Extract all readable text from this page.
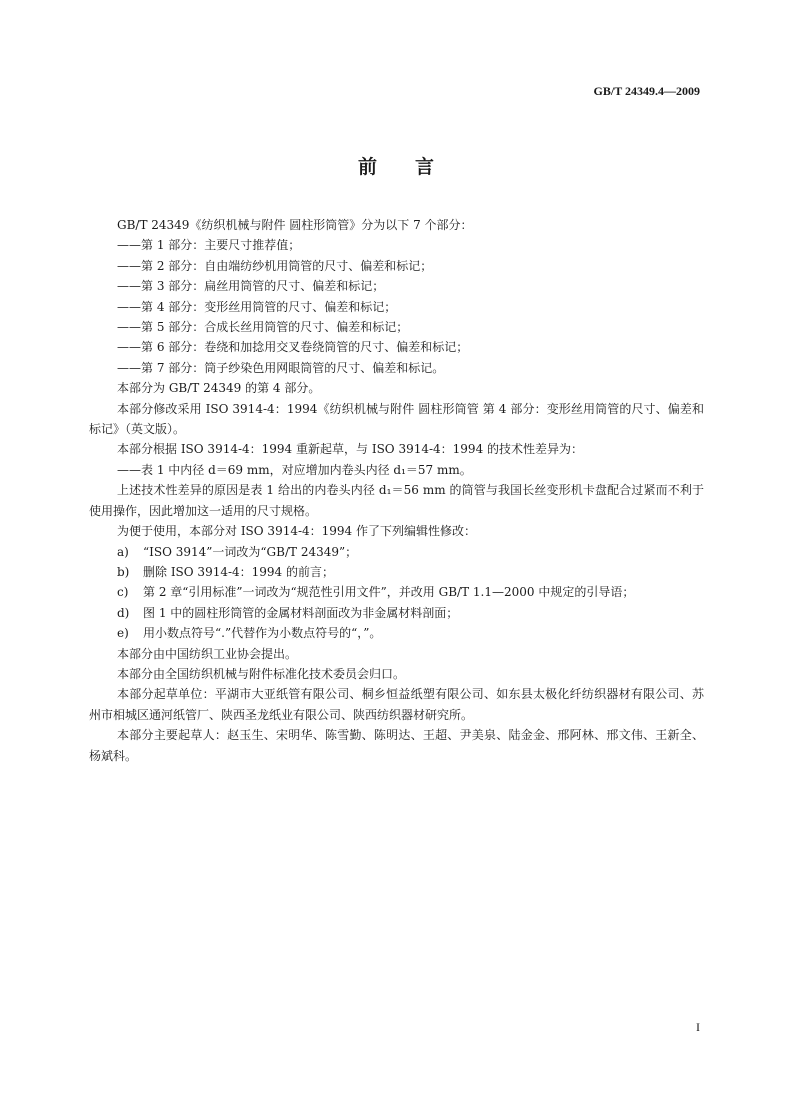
GB/T 24349.4—2009
前言

GB/T 24349《纺织机械与附件 圆柱形筒管》分为以下 7 个部分：

——第 1 部分：主要尺寸推荐值；

——第 2 部分：自由端纺纱机用筒管的尺寸、偏差和标记；

——第 3 部分：扁丝用筒管的尺寸、偏差和标记；

——第 4 部分：变形丝用筒管的尺寸、偏差和标记；

——第 5 部分：合成长丝用筒管的尺寸、偏差和标记；

——第 6 部分：卷绕和加捻用交叉卷绕筒管的尺寸、偏差和标记；

——第 7 部分：筒子纱染色用网眼筒管的尺寸、偏差和标记。

本部分为 GB/T 24349 的第 4 部分。

本部分修改采用 ISO 3914-4：1994《纺织机械与附件 圆柱形筒管 第 4 部分：变形丝用筒管的尺寸、偏差和标记》（英文版）。

本部分根据 ISO 3914-4：1994 重新起草，与 ISO 3914-4：1994 的技术性差异为：

——表 1 中内径 d＝69 mm，对应增加内卷头内径 d₁＝57 mm。

上述技术性差异的原因是表 1 给出的内卷头内径 d₁＝56 mm 的筒管与我国长丝变形机卡盘配合过紧而不利于使用操作，因此增加这一适用的尺寸规格。

为便于使用，本部分对 ISO 3914-4：1994 作了下列编辑性修改：

a) “ISO 3914”一词改为“GB/T 24349”；

b) 删除 ISO 3914-4：1994 的前言；

c) 第 2 章“引用标准”一词改为“规范性引用文件”，并改用 GB/T 1.1—2000 中规定的引导语；

d) 图 1 中的圆柱形筒管的金属材料剖面改为非金属材料剖面；

e) 用小数点符号“.”代替作为小数点符号的“，”。

本部分由中国纺织工业协会提出。

本部分由全国纺织机械与附件标准化技术委员会归口。

本部分起草单位：平湖市大亚纸管有限公司、桐乡恒益纸塑有限公司、如东县太极化纤纺织器材有限公司、苏州市相城区通河纸管厂、陕西圣龙纸业有限公司、陕西纺织器材研究所。

本部分主要起草人：赵玉生、宋明华、陈雪勤、陈明达、王超、尹美泉、陆金金、邢阿林、邢文伟、王新全、杨斌科。

I
